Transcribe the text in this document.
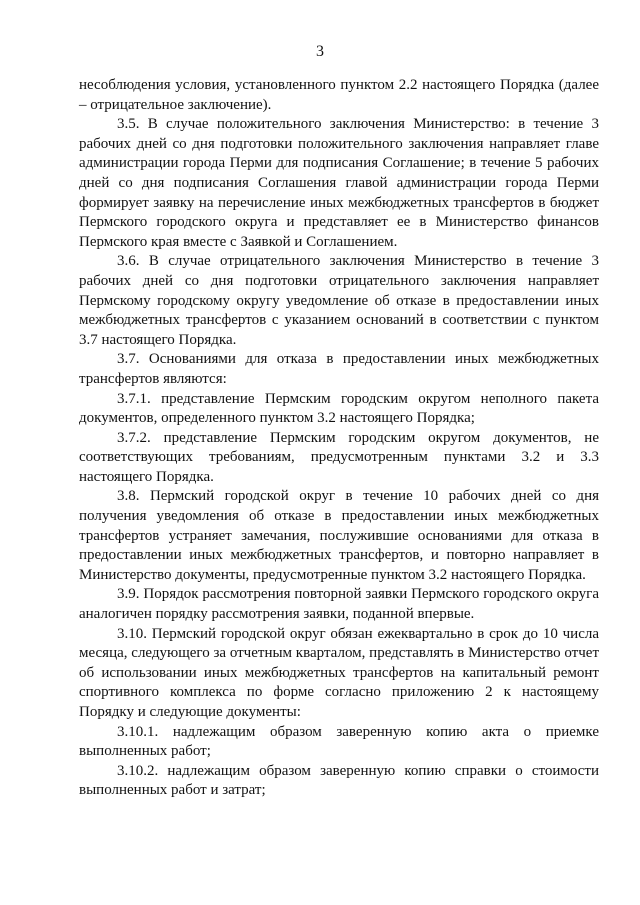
3

несоблюдения условия, установленного пунктом 2.2 настоящего Порядка (далее – отрицательное заключение).

3.5. В случае положительного заключения Министерство: в течение 3 рабочих дней со дня подготовки положительного заключения направляет главе администрации города Перми для подписания Соглашение; в течение 5 рабочих дней со дня подписания Соглашения главой администрации города Перми формирует заявку на перечисление иных межбюджетных трансфертов в бюджет Пермского городского округа и представляет ее в Министерство финансов Пермского края вместе с Заявкой и Соглашением.

3.6. В случае отрицательного заключения Министерство в течение 3 рабочих дней со дня подготовки отрицательного заключения направляет Пермскому городскому округу уведомление об отказе в предоставлении иных межбюджетных трансфертов с указанием оснований в соответствии с пунктом 3.7 настоящего Порядка.

3.7. Основаниями для отказа в предоставлении иных межбюджетных трансфертов являются:

3.7.1. представление Пермским городским округом неполного пакета документов, определенного пунктом 3.2 настоящего Порядка;

3.7.2. представление Пермским городским округом документов, не соответствующих требованиям, предусмотренным пунктами 3.2 и 3.3 настоящего Порядка.

3.8. Пермский городской округ в течение 10 рабочих дней со дня получения уведомления об отказе в предоставлении иных межбюджетных трансфертов устраняет замечания, послужившие основаниями для отказа в предоставлении иных межбюджетных трансфертов, и повторно направляет в Министерство документы, предусмотренные пунктом 3.2 настоящего Порядка.

3.9. Порядок рассмотрения повторной заявки Пермского городского округа аналогичен порядку рассмотрения заявки, поданной впервые.

3.10. Пермский городской округ обязан ежеквартально в срок до 10 числа месяца, следующего за отчетным кварталом, представлять в Министерство отчет об использовании иных межбюджетных трансфертов на капитальный ремонт спортивного комплекса по форме согласно приложению 2 к настоящему Порядку и следующие документы:

3.10.1. надлежащим образом заверенную копию акта о приемке выполненных работ;

3.10.2. надлежащим образом заверенную копию справки о стоимости выполненных работ и затрат;
